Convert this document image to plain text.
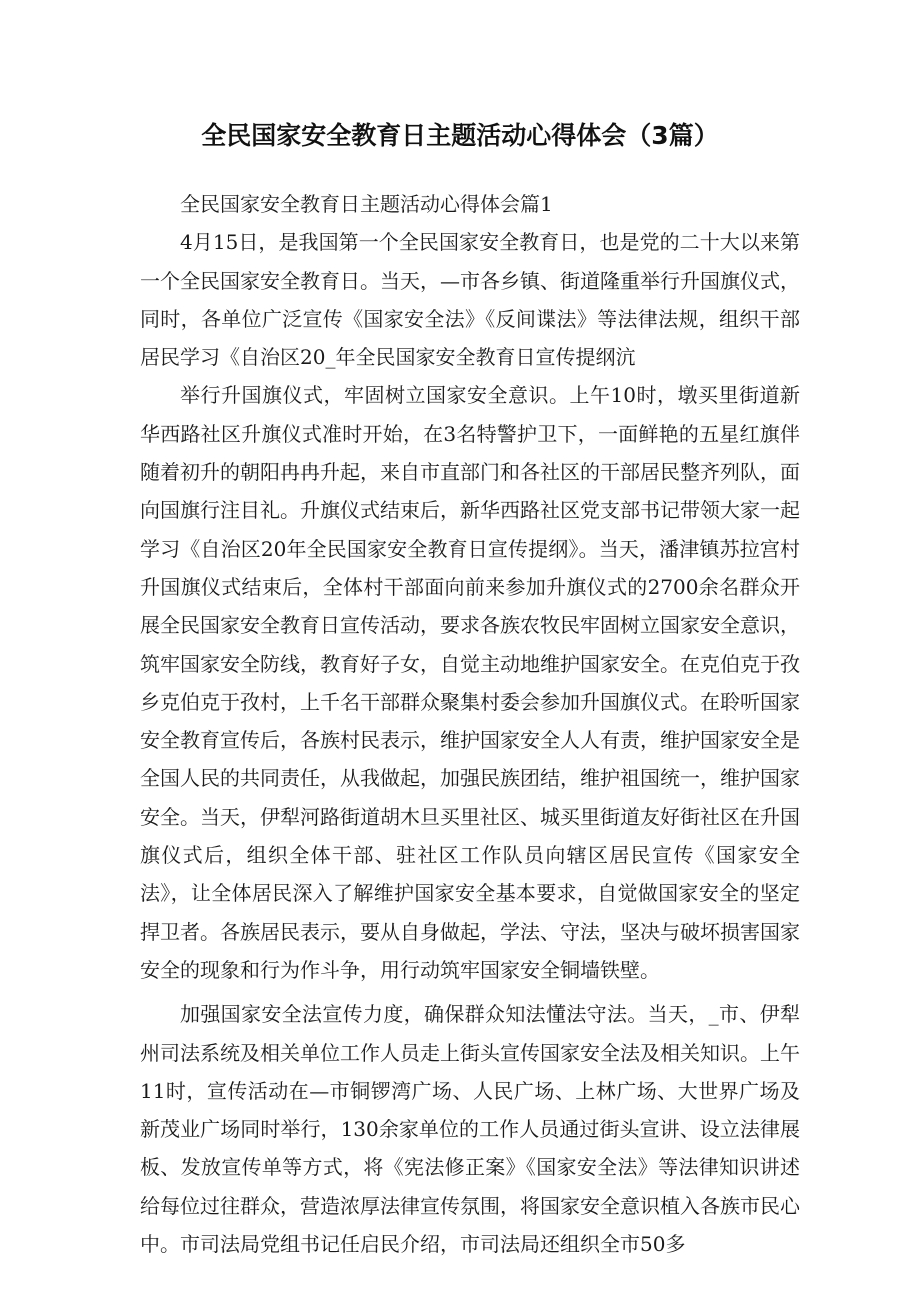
全民国家安全教育日主题活动心得体会（3篇）

全民国家安全教育日主题活动心得体会篇1

4月15日，是我国第一个全民国家安全教育日，也是党的二十大以来第一个全民国家安全教育日。当天，—市各乡镇、街道隆重举行升国旗仪式，同时，各单位广泛宣传《国家安全法》《反间谍法》等法律法规，组织干部居民学习《自治区20_年全民国家安全教育日宣传提纲沆

举行升国旗仪式，牢固树立国家安全意识。上午10时，墩买里街道新华西路社区升旗仪式准时开始，在3名特警护卫下，一面鲜艳的五星红旗伴随着初升的朝阳冉冉升起，来自市直部门和各社区的干部居民整齐列队，面向国旗行注目礼。升旗仪式结束后，新华西路社区党支部书记带领大家一起学习《自治区20年全民国家安全教育日宣传提纲》。当天，潘津镇苏拉宫村升国旗仪式结束后，全体村干部面向前来参加升旗仪式的2700余名群众开展全民国家安全教育日宣传活动，要求各族农牧民牢固树立国家安全意识，筑牢国家安全防线，教育好子女，自觉主动地维护国家安全。在克伯克于孜乡克伯克于孜村，上千名干部群众聚集村委会参加升国旗仪式。在聆听国家安全教育宣传后，各族村民表示，维护国家安全人人有责，维护国家安全是全国人民的共同责任，从我做起，加强民族团结，维护祖国统一，维护国家安全。当天，伊犁河路街道胡木旦买里社区、城买里街道友好街社区在升国旗仪式后，组织全体干部、驻社区工作队员向辖区居民宣传《国家安全法》，让全体居民深入了解维护国家安全基本要求，自觉做国家安全的坚定捍卫者。各族居民表示，要从自身做起，学法、守法，坚决与破坏损害国家安全的现象和行为作斗争，用行动筑牢国家安全铜墙铁壁。

加强国家安全法宣传力度，确保群众知法懂法守法。当天，_市、伊犁州司法系统及相关单位工作人员走上街头宣传国家安全法及相关知识。上午11时，宣传活动在—市铜锣湾广场、人民广场、上林广场、大世界广场及新茂业广场同时举行，130余家单位的工作人员通过街头宣讲、设立法律展板、发放宣传单等方式，将《宪法修正案》《国家安全法》等法律知识讲述给每位过往群众，营造浓厚法律宣传氛围，将国家安全意识植入各族市民心中。市司法局党组书记任启民介绍，市司法局还组织全市50多
